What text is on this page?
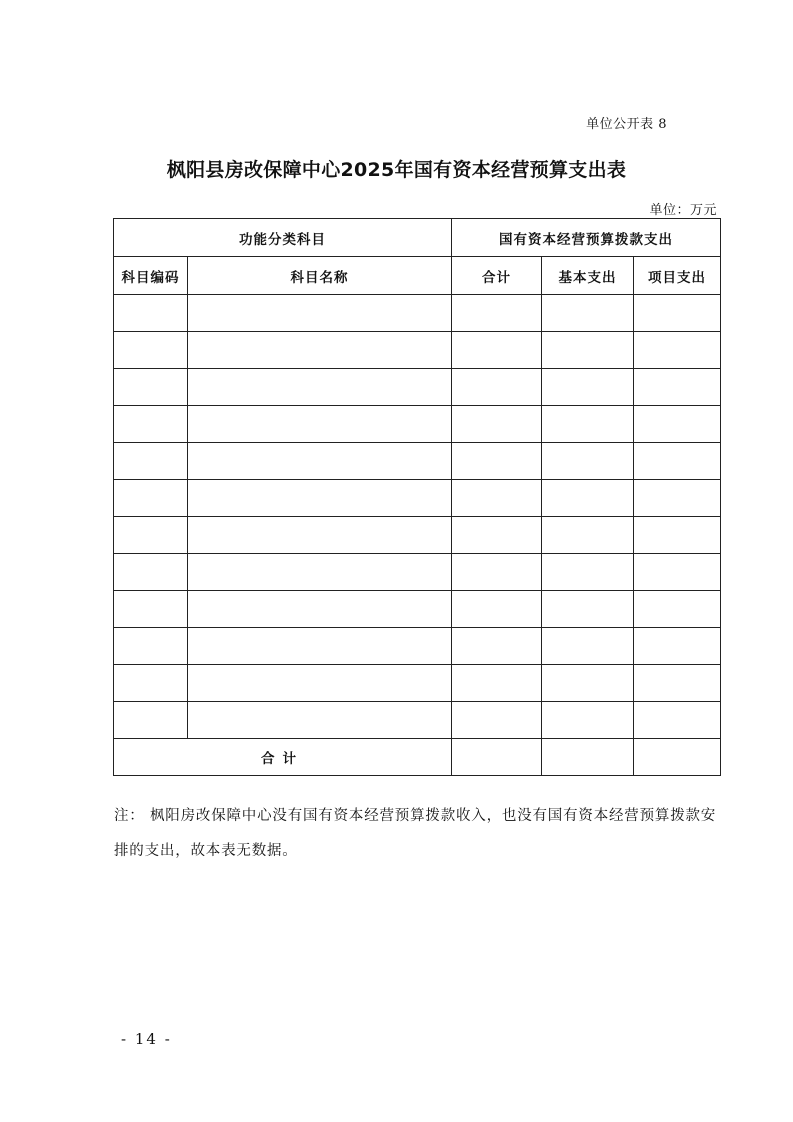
单位公开表 8
枫阳县房改保障中心2025年国有资本经营预算支出表
单位：万元
功能分类科目		国有资本经营预算拨款支出		
科目编码	科目名称	合计	基本支出	项目支出

合计				
注： 枫阳房改保障中心没有国有资本经营预算拨款收入，也没有国有资本经营预算拨款安排的支出，故本表无数据。
- 14 -
